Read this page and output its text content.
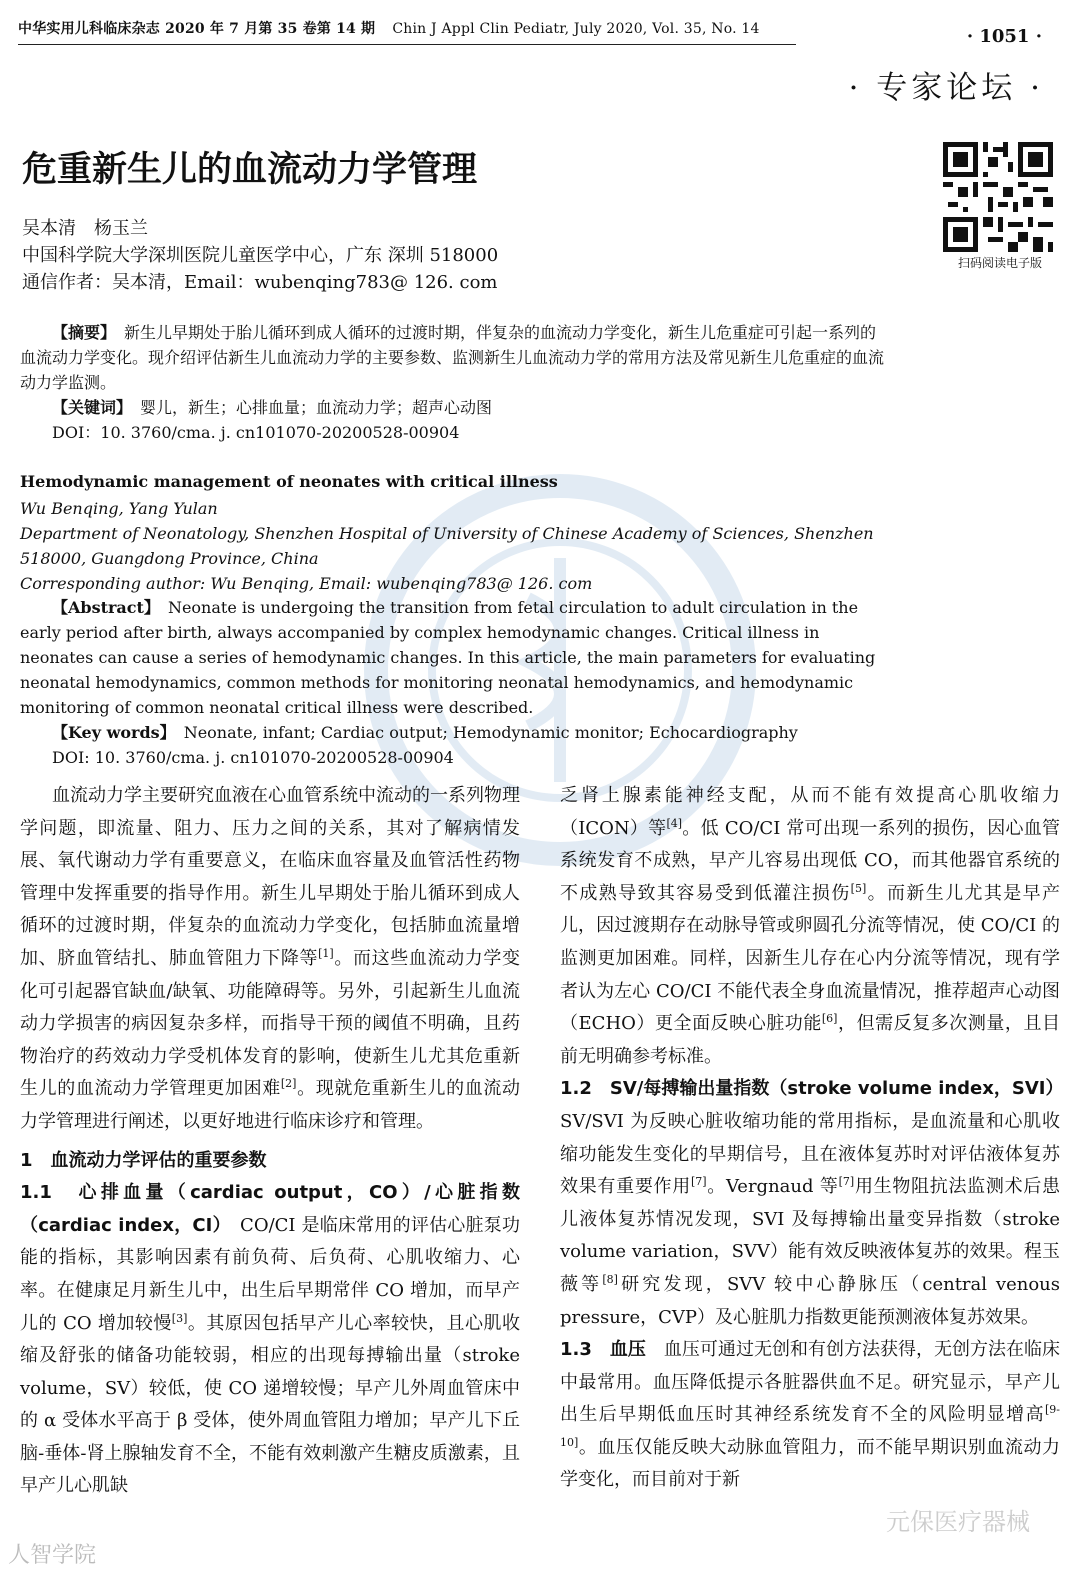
中华实用儿科临床杂志 2020 年 7 月第 35 卷第 14 期 Chin J Appl Clin Pediatr, July 2020, Vol. 35, No. 14	· 1051 ·
· 专家论坛 ·
危重新生儿的血流动力学管理
扫码阅读电子版
吴本清　杨玉兰
中国科学院大学深圳医院儿童医学中心，广东 深圳 518000
通信作者：吴本清，Email：wubenqing783@ 126. com

【摘要】　 新生儿早期处于胎儿循环到成人循环的过渡时期，伴复杂的血流动力学变化，新生儿危重症可引起一系列的血流动力学变化。现介绍评估新生儿血流动力学的主要参数、监测新生儿血流动力学的常用方法及常见新生儿危重症的血流动力学监测。

【关键词】　 婴儿，新生；心排血量；血流动力学；超声心动图

DOI：10. 3760/cma. j. cn101070-20200528-00904

Hemodynamic management of neonates with critical illness
Wu Benqing, Yang Yulan
Department of Neonatology, Shenzhen Hospital of University of Chinese Academy of Sciences, Shenzhen 518000, Guangdong Province, China
Corresponding author: Wu Benqing, Email: wubenqing783@ 126. com

【Abstract】　 Neonate is undergoing the transition from fetal circulation to adult circulation in the early period after birth, always accompanied by complex hemodynamic changes. Critical illness in neonates can cause a series of hemodynamic changes. In this article, the main parameters for evaluating neonatal hemodynamics, common methods for monitoring neonatal hemodynamics, and hemodynamic monitoring of common neonatal critical illness were described.

【Key words】　 Neonate, infant; Cardiac output; Hemodynamic monitor; Echocardiography

DOI: 10. 3760/cma. j. cn101070-20200528-00904

血流动力学主要研究血液在心血管系统中流动的一系列物理学问题，即流量、阻力、压力之间的关系，其对了解病情发展、氧代谢动力学有重要意义，在临床血容量及血管活性药物管理中发挥重要的指导作用。新生儿早期处于胎儿循环到成人循环的过渡时期，伴复杂的血流动力学变化，包括肺血流量增加、脐血管结扎、肺血管阻力下降等[1]。而这些血流动力学变化可引起器官缺血/缺氧、功能障碍等。另外，引起新生儿血流动力学损害的病因复杂多样，而指导干预的阈值不明确，且药物治疗的药效动力学受机体发育的影响，使新生儿尤其危重新生儿的血流动力学管理更加困难[2]。现就危重新生儿的血流动力学管理进行阐述，以更好地进行临床诊疗和管理。

1　血流动力学评估的重要参数

1.1　心排血量（cardiac output，CO）/心脏指数（cardiac index，CI）　 CO/CI 是临床常用的评估心脏泵功能的指标，其影响因素有前负荷、后负荷、心肌收缩力、心率。在健康足月新生儿中，出生后早期常伴 CO 增加，而早产儿的 CO 增加较慢[3]。其原因包括早产儿心率较快，且心肌收缩及舒张的储备功能较弱，相应的出现每搏输出量（stroke volume，SV）较低，使 CO 递增较慢；早产儿外周血管床中的 α 受体水平高于 β 受体，使外周血管阻力增加；早产儿下丘脑-垂体-肾上腺轴发育不全，不能有效刺激产生糖皮质激素，且早产儿心肌缺

乏肾上腺素能神经支配，从而不能有效提高心肌收缩力（ICON）等[4]。低 CO/CI 常可出现一系列的损伤，因心血管系统发育不成熟，早产儿容易出现低 CO，而其他器官系统的不成熟导致其容易受到低灌注损伤[5]。而新生儿尤其是早产儿，因过渡期存在动脉导管或卵圆孔分流等情况，使 CO/CI 的监测更加困难。同样，因新生儿存在心内分流等情况，现有学者认为左心 CO/CI 不能代表全身血流量情况，推荐超声心动图（ECHO）更全面反映心脏功能[6]，但需反复多次测量，且目前无明确参考标准。

1.2　SV/每搏输出量指数（stroke volume index，SVI）

SV/SVI 为反映心脏收缩功能的常用指标，是血流量和心肌收缩功能发生变化的早期信号，且在液体复苏时对评估液体复苏效果有重要作用[7]。Vergnaud 等[7]用生物阻抗法监测术后患儿液体复苏情况发现，SVI 及每搏输出量变异指数（stroke volume variation，SVV）能有效反映液体复苏的效果。程玉薇等[8]研究发现，SVV 较中心静脉压（central venous pressure，CVP）及心脏肌力指数更能预测液体复苏效果。

1.3　血压　 血压可通过无创和有创方法获得，无创方法在临床中最常用。血压降低提示各脏器供血不足。研究显示，早产儿出生后早期低血压时其神经系统发育不全的风险明显增高[9-10]。血压仅能反映大动脉血管阻力，而不能早期识别血流动力学变化，而目前对于新

人智学院
元保医疗器械
